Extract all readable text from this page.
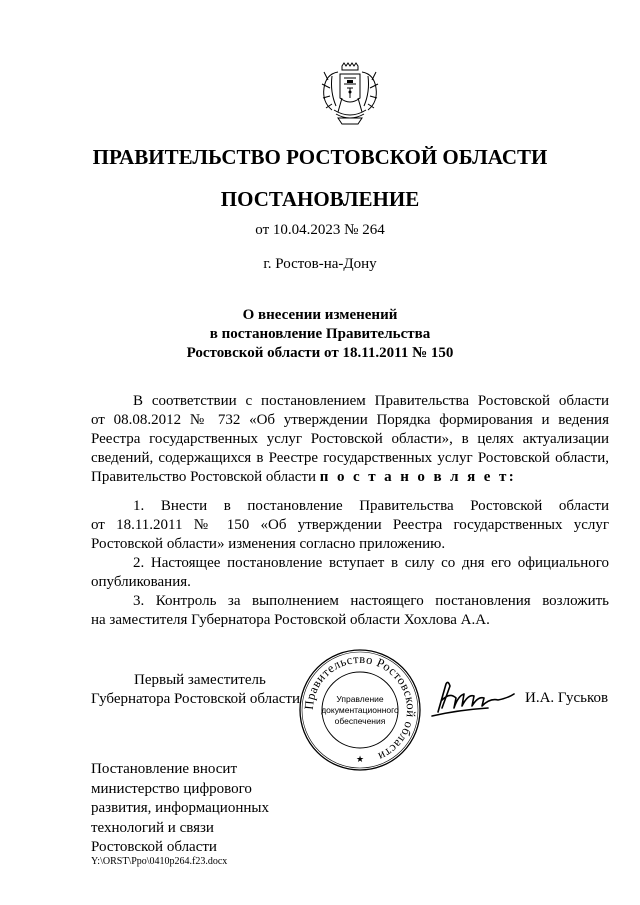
ПРАВИТЕЛЬСТВО РОСТОВСКОЙ ОБЛАСТИ
ПОСТАНОВЛЕНИЕ
от 10.04.2023 № 264
г. Ростов-на-Дону
О внесении изменений
в постановление Правительства
Ростовской области от 18.11.2011 № 150
В соответствии с постановлением Правительства Ростовской области
от 08.08.2012 № 732 «Об утверждении Порядка формирования и ведения
Реестра государственных услуг Ростовской области», в целях актуализации
сведений, содержащихся в Реестре государственных услуг Ростовской области,
Правительство Ростовской области п о с т а н о в л я е т:
1. Внести в постановление Правительства Ростовской области
от 18.11.2011 № 150 «Об утверждении Реестра государственных услуг
Ростовской области» изменения согласно приложению.
2. Настоящее постановление вступает в силу со дня его официального
опубликования.
3. Контроль за выполнением настоящего постановления возложить
на заместителя Губернатора Ростовской области Хохлова А.А.
Первый заместитель
Губернатора Ростовской области Правительство Ростовской области
Управление
документационного
обеспечения
★
И.А. Гуськов
Постановление вносит
министерство цифрового
развития, информационных
технологий и связи
Ростовской области
Y:\ORST\Ppo\0410p264.f23.docx
